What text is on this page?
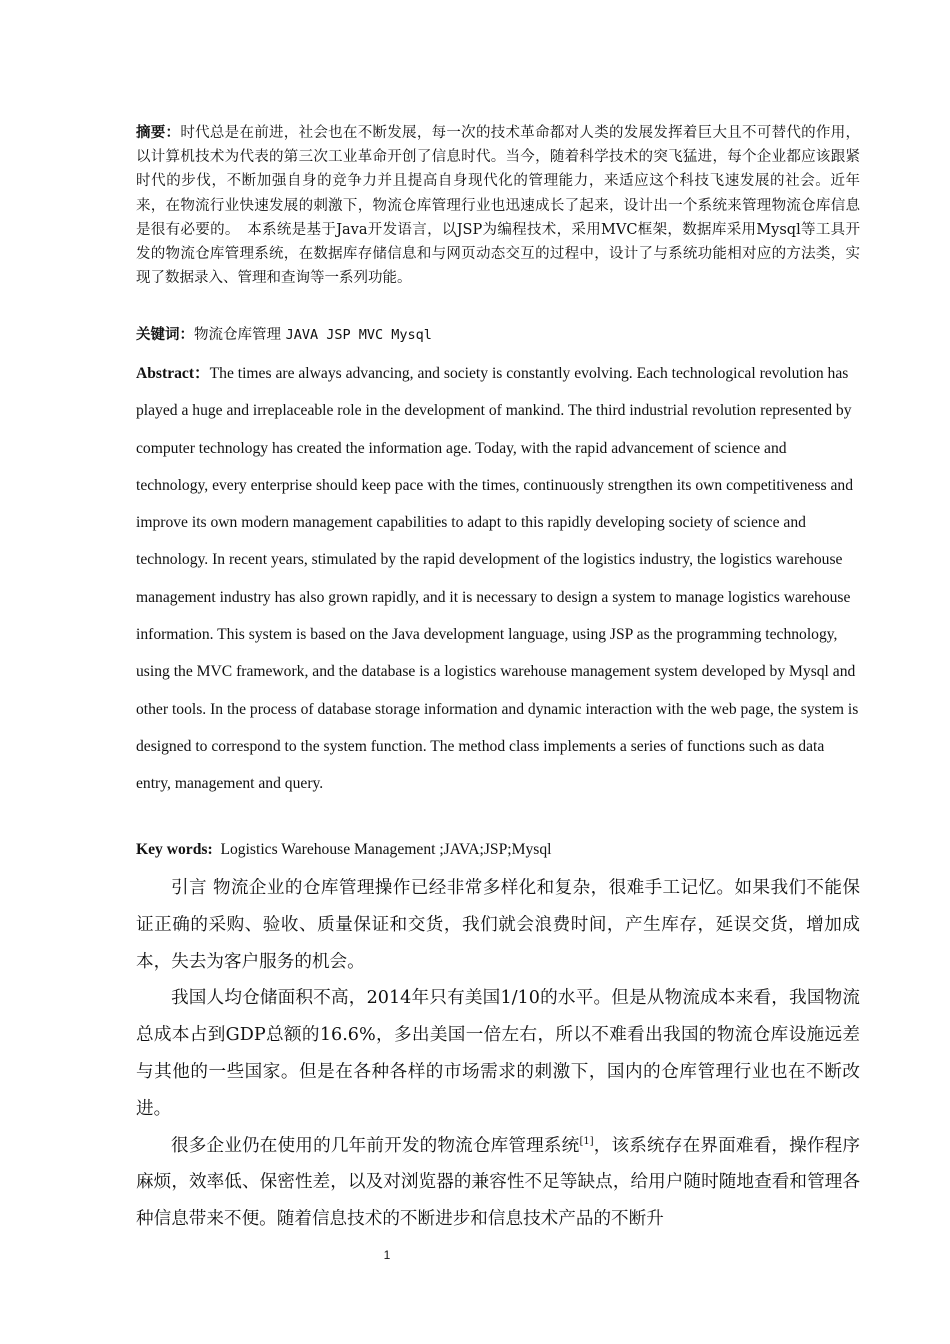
摘要：时代总是在前进，社会也在不断发展，每一次的技术革命都对人类的发展发挥着巨大且不可替代的作用，以计算机技术为代表的第三次工业革命开创了信息时代。当今，随着科学技术的突飞猛进，每个企业都应该跟紧时代的步伐，不断加强自身的竞争力并且提高自身现代化的管理能力，来适应这个科技飞速发展的社会。近年来，在物流行业快速发展的刺激下，物流仓库管理行业也迅速成长了起来，设计出一个系统来管理物流仓库信息是很有必要的。　本系统是基于Java开发语言，以JSP为编程技术，采用MVC框架，数据库采用Mysql等工具开发的物流仓库管理系统，在数据库存储信息和与网页动态交互的过程中，设计了与系统功能相对应的方法类，实现了数据录入、管理和查询等一系列功能。

关键词：物流仓库管理 JAVA JSP MVC Mysql

Abstract：The times are always advancing, and society is constantly evolving. Each technological revolution has played a huge and irreplaceable role in the development of mankind. The third industrial revolution represented by computer technology has created the information age. Today, with the rapid advancement of science and technology, every enterprise should keep pace with the times, continuously strengthen its own competitiveness and improve its own modern management capabilities to adapt to this rapidly developing society of science and technology. In recent years, stimulated by the rapid development of the logistics industry, the logistics warehouse management industry has also grown rapidly, and it is necessary to design a system to manage logistics warehouse information. This system is based on the Java development language, using JSP as the programming technology, using the MVC framework, and the database is a logistics warehouse management system developed by Mysql and other tools. In the process of database storage information and dynamic interaction with the web page, the system is designed to correspond to the system function. The method class implements a series of functions such as data entry, management and query.

Key words: Logistics Warehouse Management ;JAVA;JSP;Mysql

引言 物流企业的仓库管理操作已经非常多样化和复杂，很难手工记忆。如果我们不能保证正确的采购、验收、质量保证和交货，我们就会浪费时间，产生库存，延误交货，增加成本，失去为客户服务的机会。

我国人均仓储面积不高，2014年只有美国1/10的水平。但是从物流成本来看，我国物流总成本占到GDP总额的16.6%，多出美国一倍左右，所以不难看出我国的物流仓库设施远差与其他的一些国家。但是在各种各样的市场需求的刺激下，国内的仓库管理行业也在不断改进。

很多企业仍在使用的几年前开发的物流仓库管理系统[1]，该系统存在界面难看，操作程序麻烦，效率低、保密性差，以及对浏览器的兼容性不足等缺点，给用户随时随地查看和管理各种信息带来不便。随着信息技术的不断进步和信息技术产品的不断升

1
